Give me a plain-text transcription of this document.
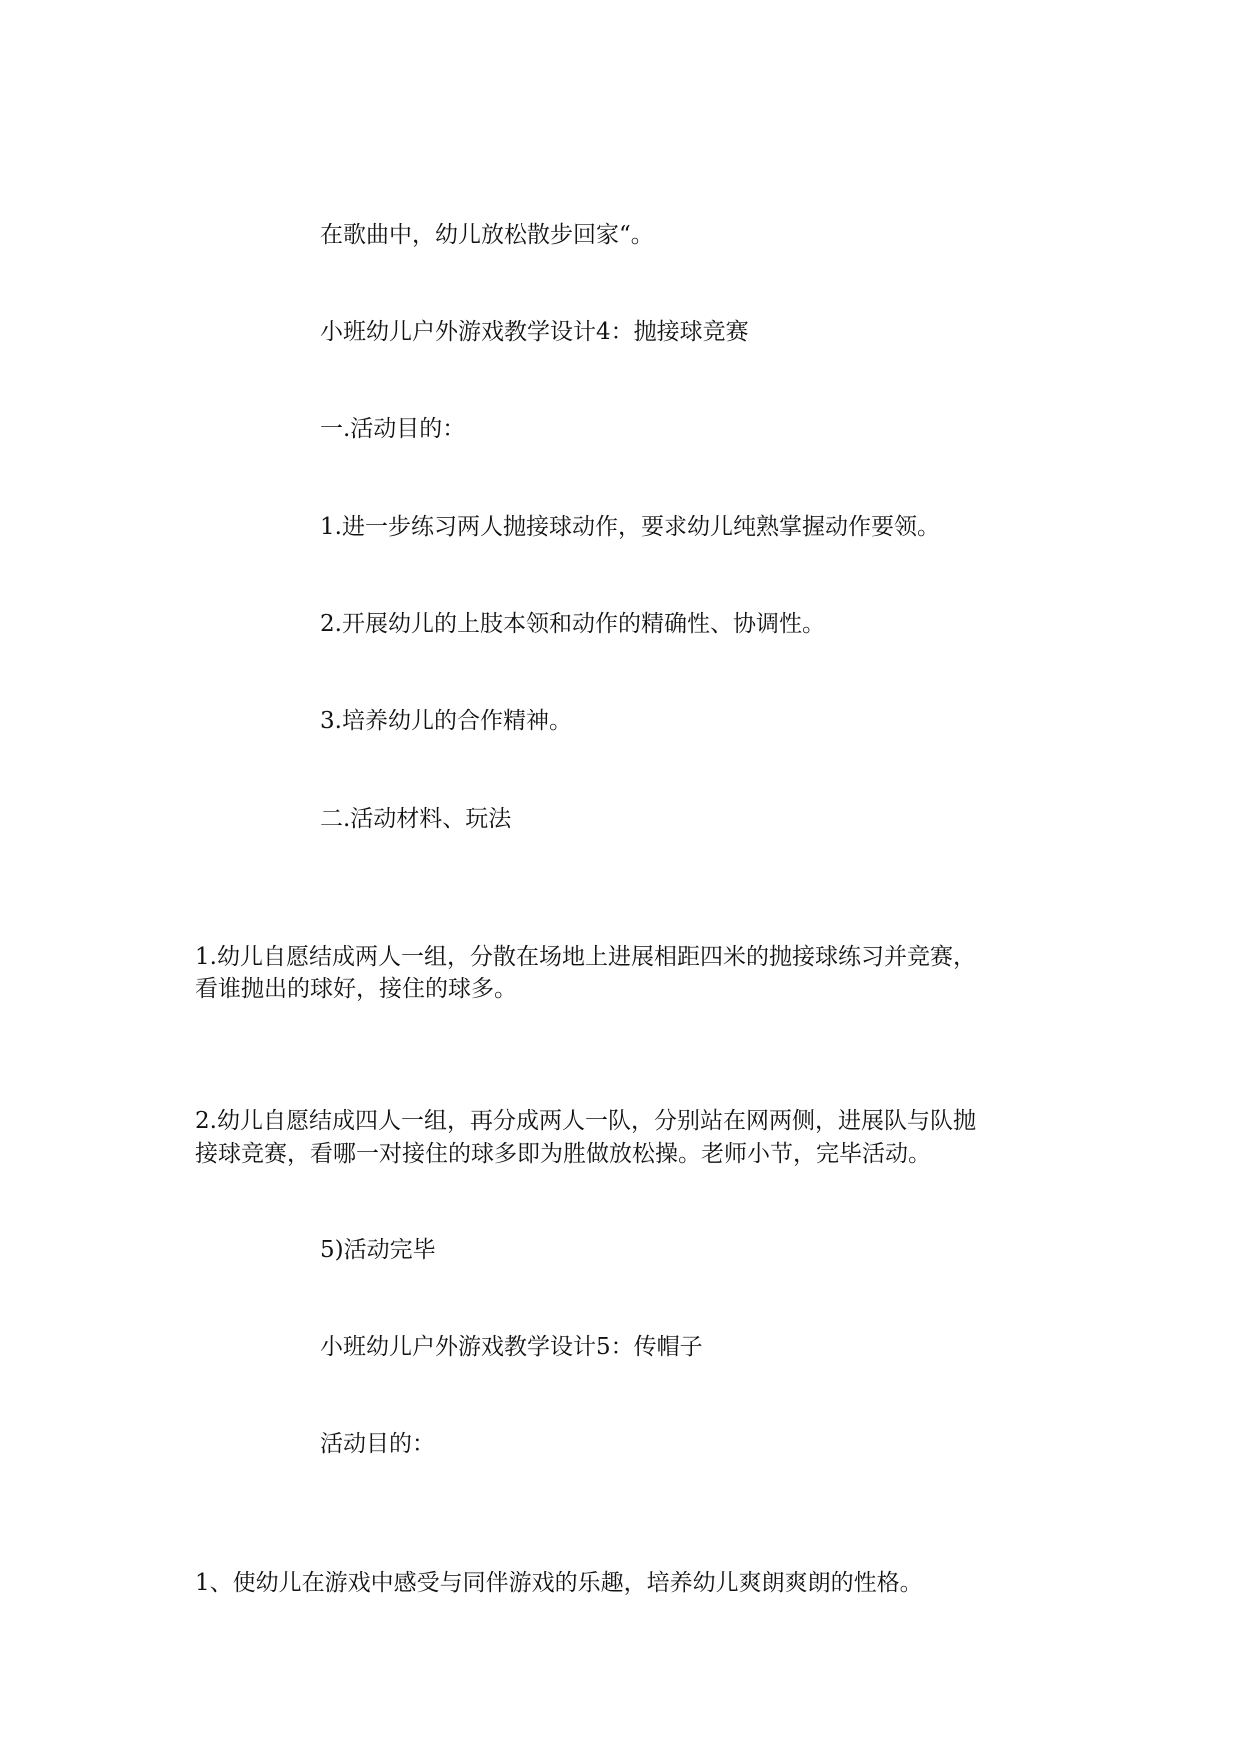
在歌曲中，幼儿放松散步回家“。

小班幼儿户外游戏教学设计4：抛接球竞赛

一.活动目的：

1.进一步练习两人抛接球动作，要求幼儿纯熟掌握动作要领。

2.开展幼儿的上肢本领和动作的精确性、协调性。

3.培养幼儿的合作精神。

二.活动材料、玩法

1.幼儿自愿结成两人一组，分散在场地上进展相距四米的抛接球练习并竞赛，

看谁抛出的球好，接住的球多。

2.幼儿自愿结成四人一组，再分成两人一队，分别站在网两侧，进展队与队抛

接球竞赛，看哪一对接住的球多即为胜做放松操。老师小节，完毕活动。

5)活动完毕

小班幼儿户外游戏教学设计5：传帽子

活动目的：

1、使幼儿在游戏中感受与同伴游戏的乐趣，培养幼儿爽朗爽朗的性格。
